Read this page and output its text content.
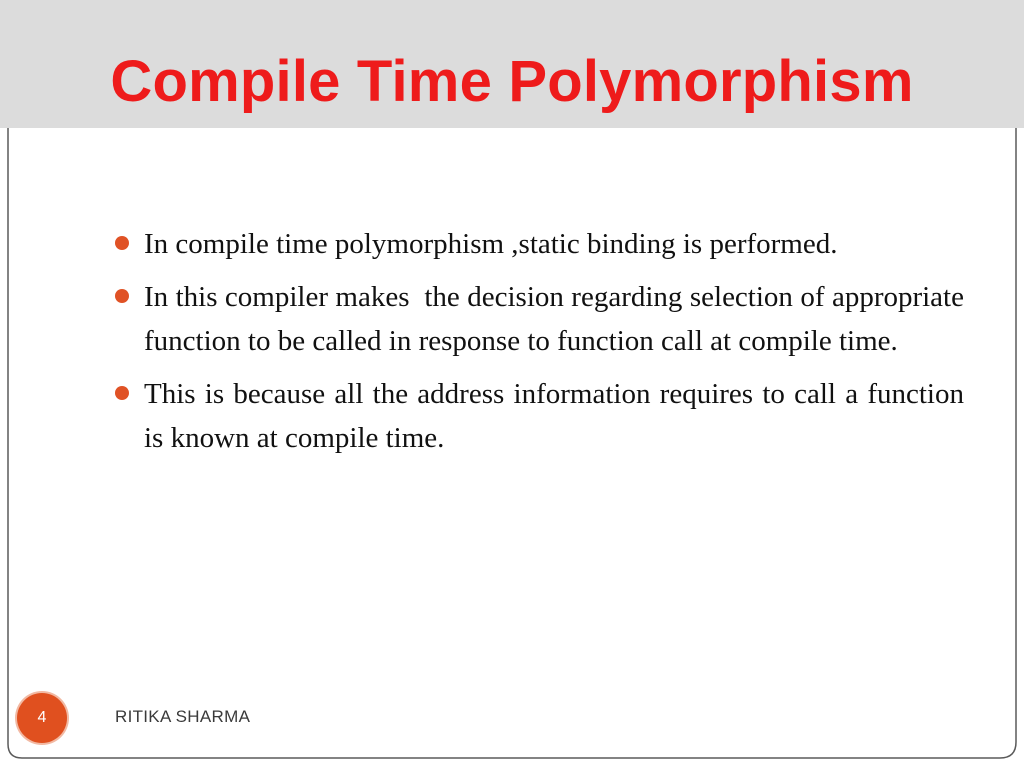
Compile Time Polymorphism
In compile time polymorphism ,static binding is performed.
In this compiler makes  the decision regarding selection of appropriate function to be called in response to function call at compile time.
This is because all the address information requires to call a function is known at compile time.
4	RITIKA SHARMA
